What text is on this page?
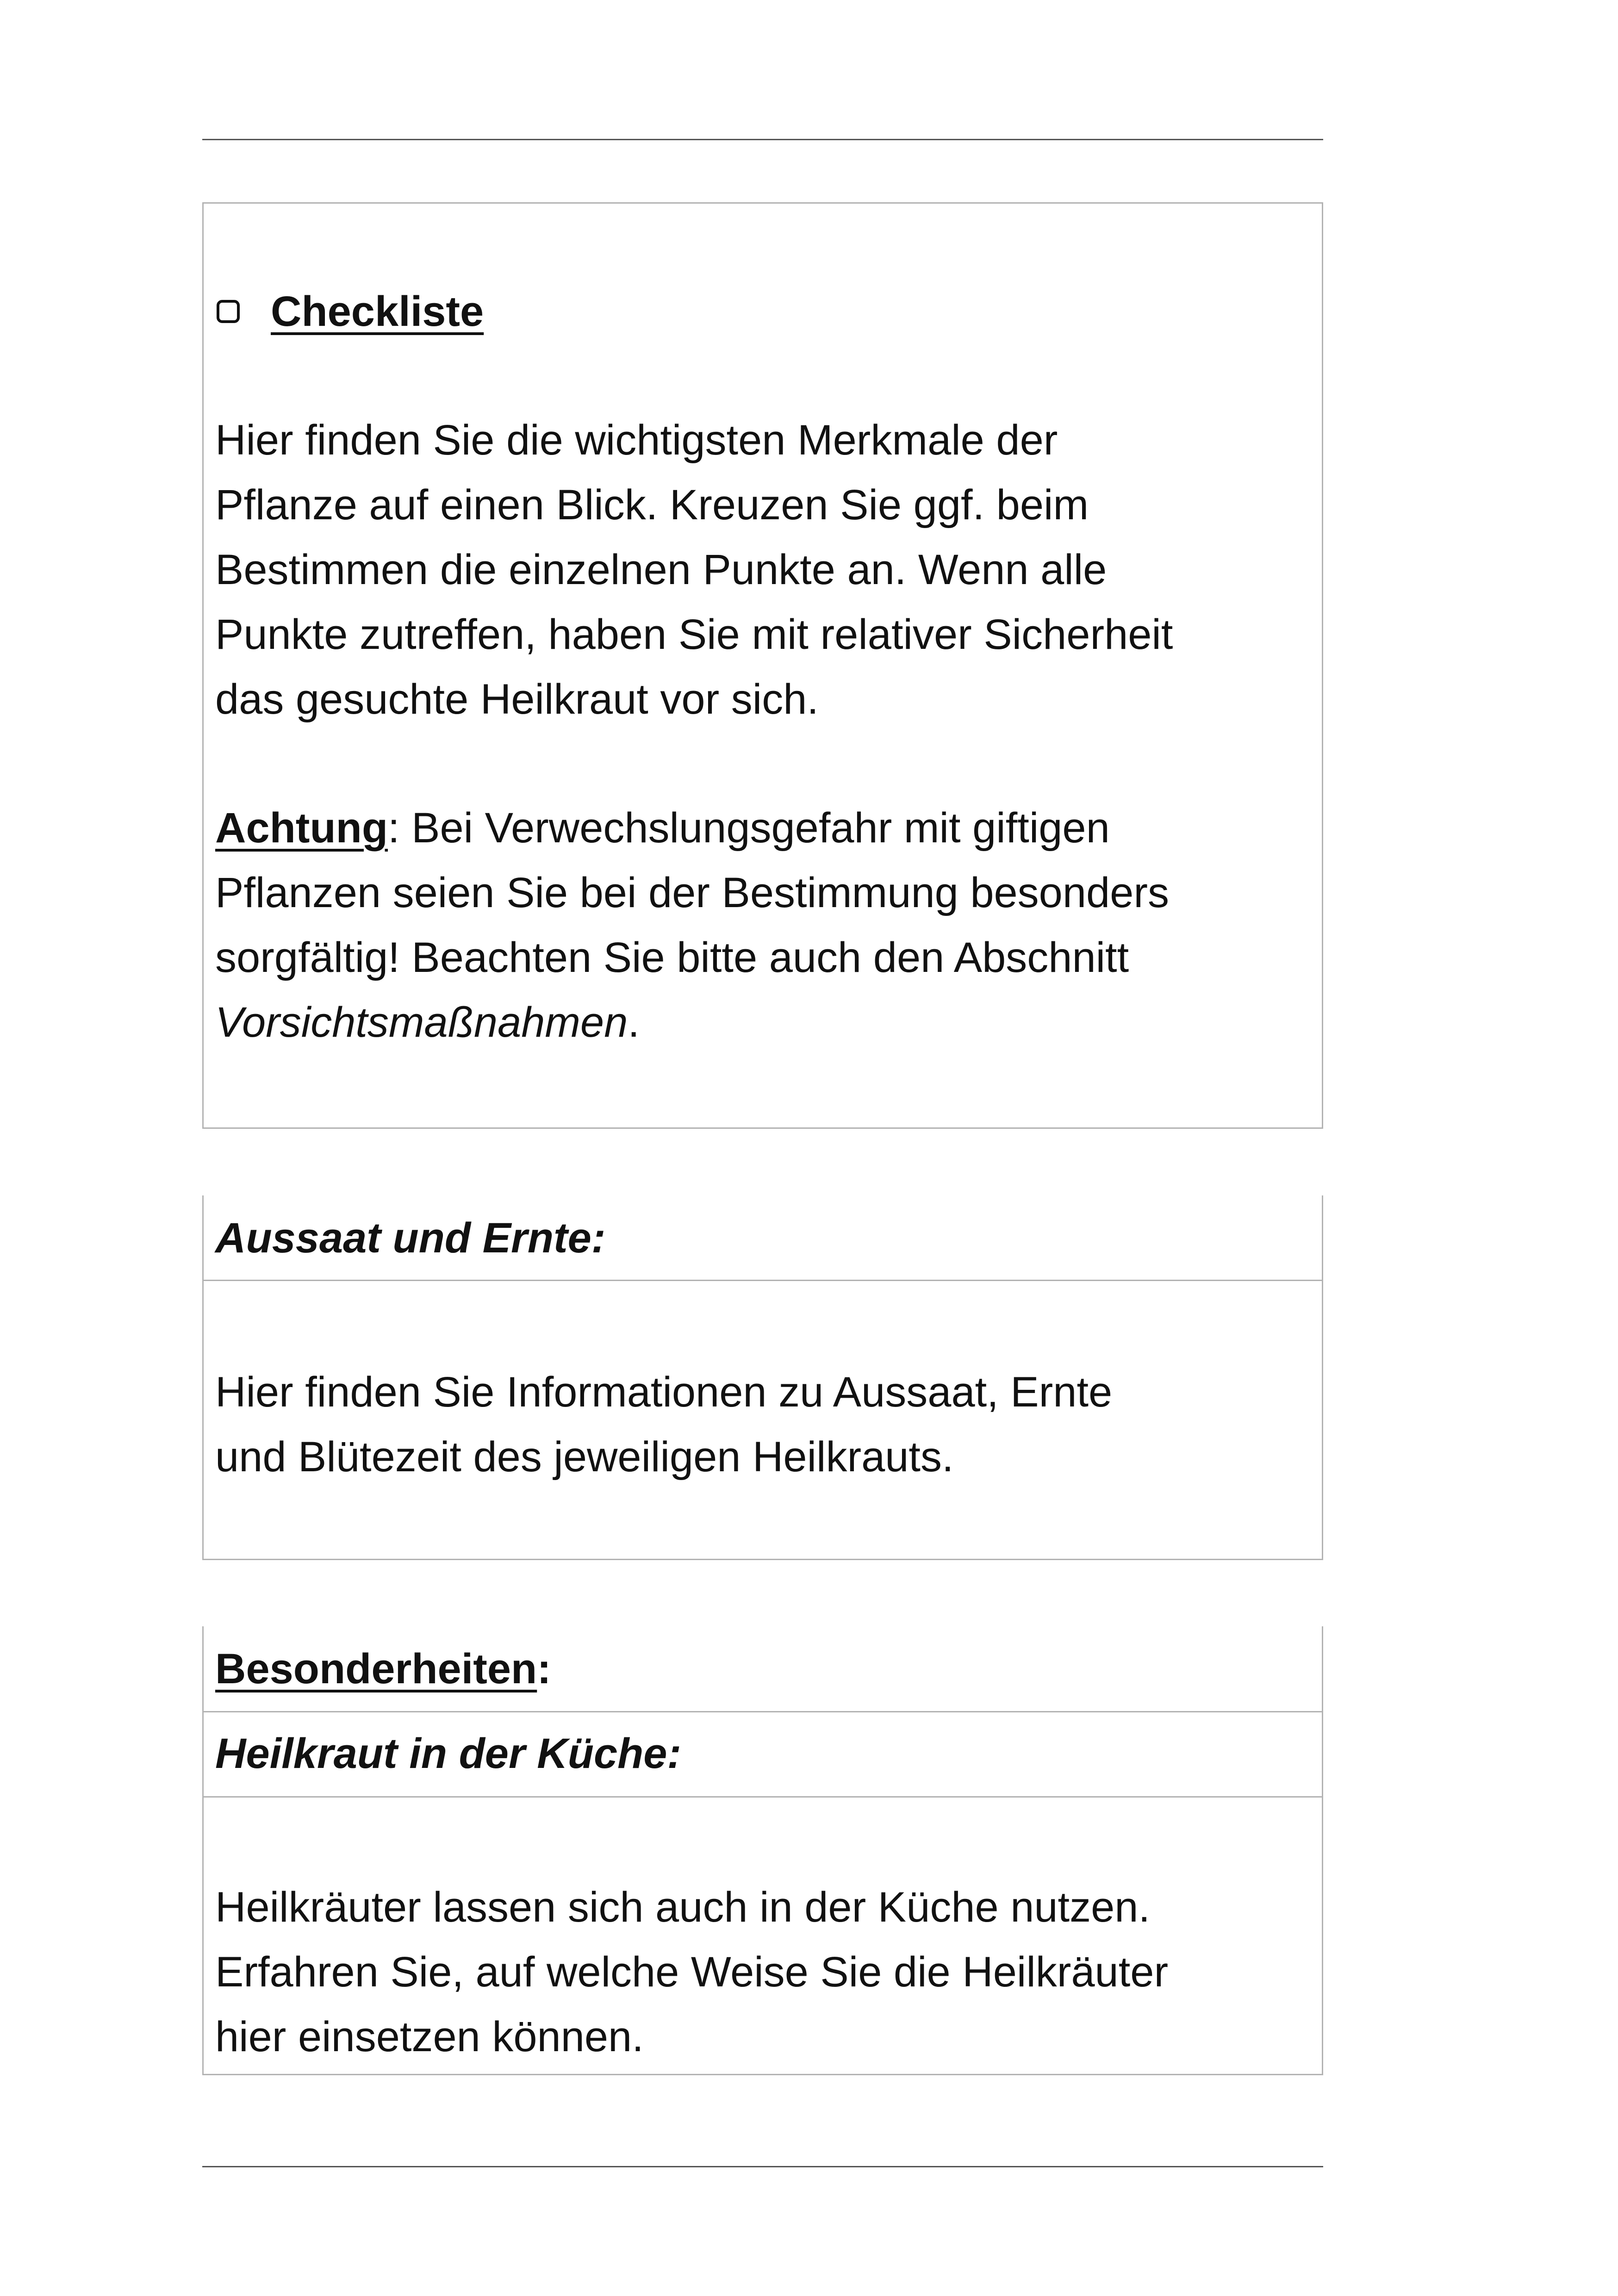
Checkliste

Hier finden Sie die wichtigsten Merkmale der

Pflanze auf einen Blick. Kreuzen Sie ggf. beim

Bestimmen die einzelnen Punkte an. Wenn alle

Punkte zutreffen, haben Sie mit relativer Sicherheit

das gesuchte Heilkraut vor sich.

Achtung: Bei Verwechslungsgefahr mit giftigen

Pflanzen seien Sie bei der Bestimmung besonders

sorgfältig! Beachten Sie bitte auch den Abschnitt

Vorsichtsmaßnahmen.

Aussaat und Ernte:

Hier finden Sie Informationen zu Aussaat, Ernte

und Blütezeit des jeweiligen Heilkrauts.

Besonderheiten:

Heilkraut in der Küche:

Heilkräuter lassen sich auch in der Küche nutzen.

Erfahren Sie, auf welche Weise Sie die Heilkräuter

hier einsetzen können.
